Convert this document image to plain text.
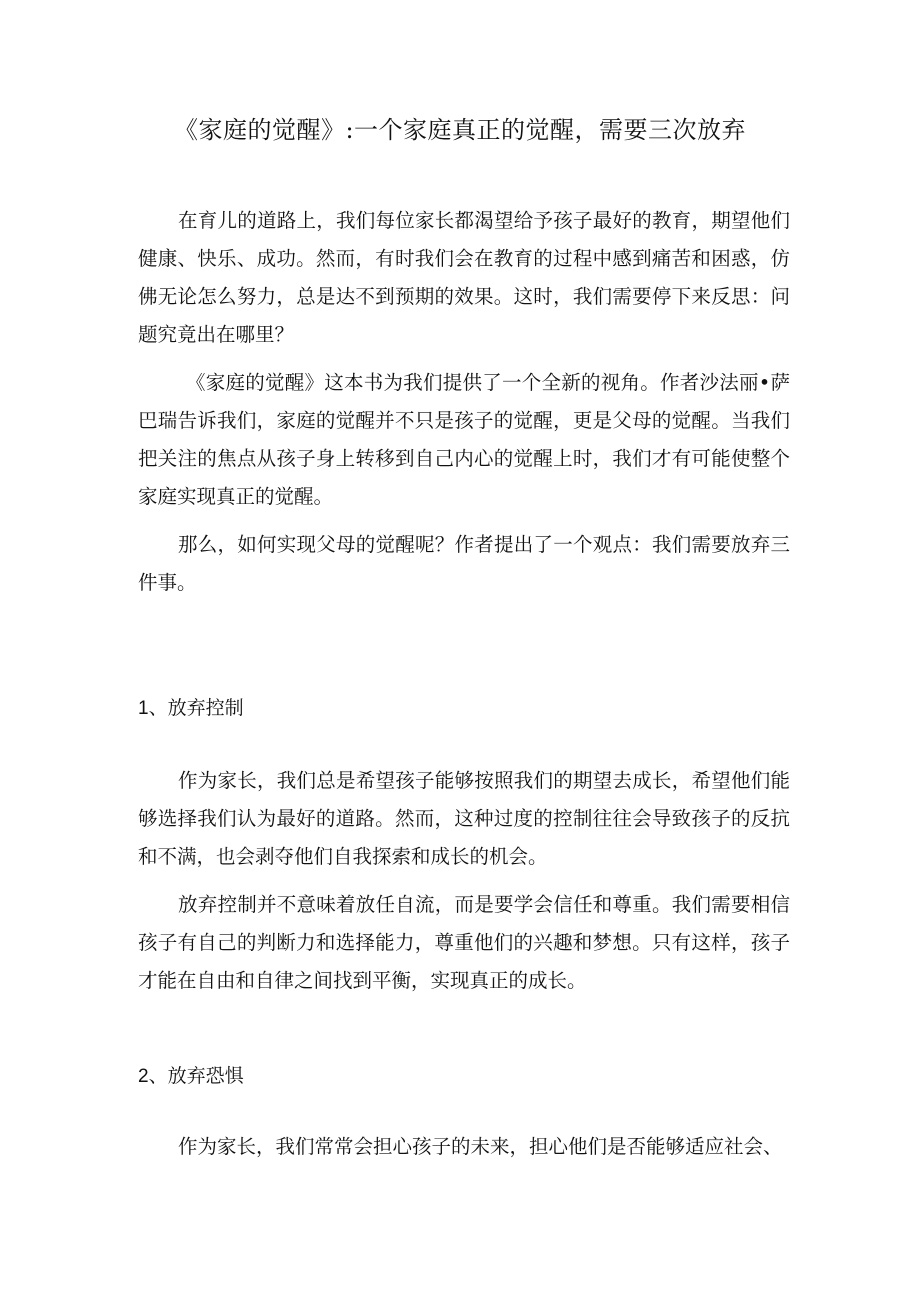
《家庭的觉醒》:一个家庭真正的觉醒，需要三次放弃
在育儿的道路上，我们每位家长都渴望给予孩子最好的教育，期望他们健康、快乐、成功。然而，有时我们会在教育的过程中感到痛苦和困惑，仿佛无论怎么努力，总是达不到预期的效果。这时，我们需要停下来反思：问题究竟出在哪里？
《家庭的觉醒》这本书为我们提供了一个全新的视角。作者沙法丽•萨巴瑞告诉我们，家庭的觉醒并不只是孩子的觉醒，更是父母的觉醒。当我们把关注的焦点从孩子身上转移到自己内心的觉醒上时，我们才有可能使整个家庭实现真正的觉醒。
那么，如何实现父母的觉醒呢？作者提出了一个观点：我们需要放弃三件事。
1、放弃控制
作为家长，我们总是希望孩子能够按照我们的期望去成长，希望他们能够选择我们认为最好的道路。然而，这种过度的控制往往会导致孩子的反抗和不满，也会剥夺他们自我探索和成长的机会。
放弃控制并不意味着放任自流，而是要学会信任和尊重。我们需要相信孩子有自己的判断力和选择能力，尊重他们的兴趣和梦想。只有这样，孩子才能在自由和自律之间找到平衡，实现真正的成长。
2、放弃恐惧
作为家长，我们常常会担心孩子的未来，担心他们是否能够适应社会、
